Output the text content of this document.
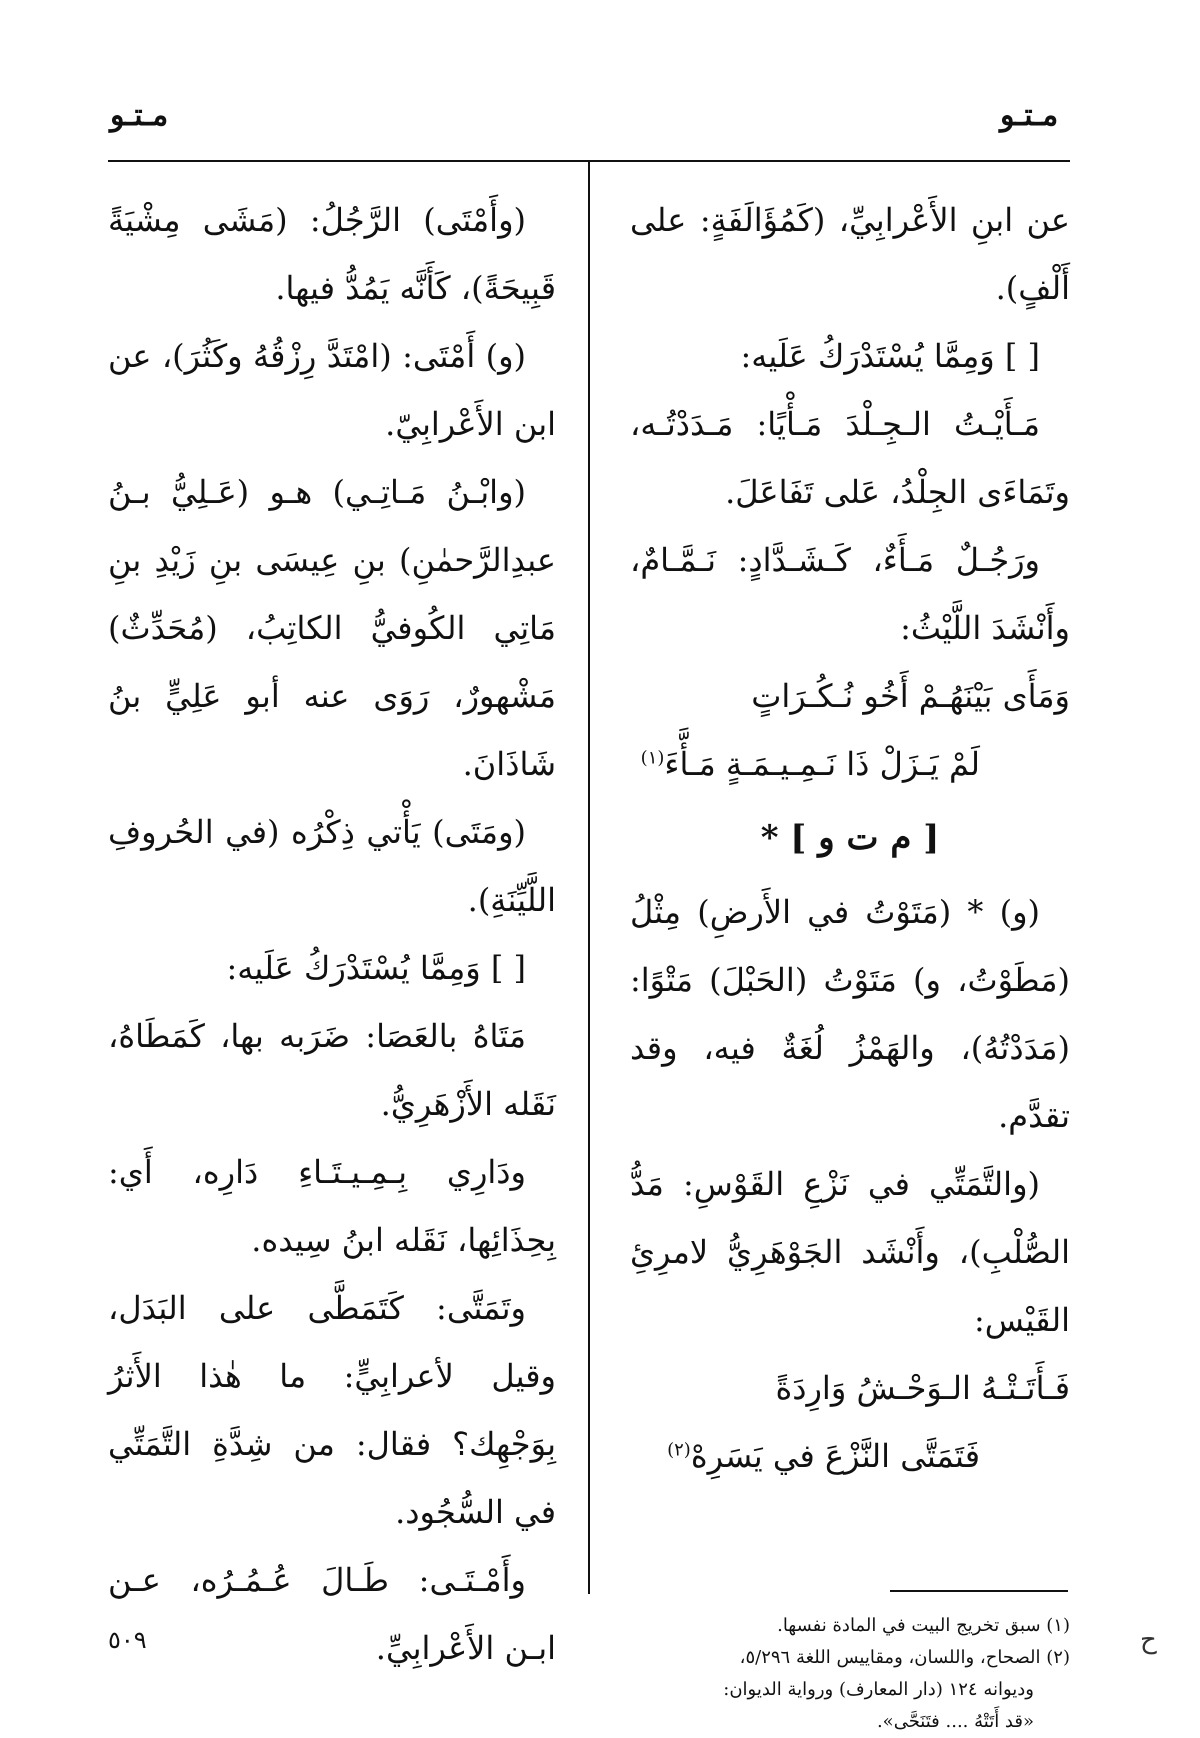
مـتـو
مـتـو

عن ابنِ الأَعْرابِيِّ، (كَمُؤَالَفَةٍ: على أَلْفٍ).

[ ] وَمِمَّا يُسْتَدْرَكُ عَلَيه:

مَـأَيْـتُ الـجِـلْدَ مَـأْيًا: مَـدَدْتُـه، وتَمَاءَى الجِلْدُ، عَلى تَفَاعَلَ.

ورَجُـلٌ مَـأَءٌ، كَـشَـدَّادٍ: نَـمَّـامٌ، وأَنْشَدَ اللَّيْثُ:

وَمَأَى بَيْنَهُـمْ أَخُو نُـكُـرَاتٍ

لَمْ يَـزَلْ ذَا نَـمِـيـمَـةٍ مَـأَّءَ$^{(١)}$

[ م ت و ] *

(و) * (مَتَوْتُ في الأَرضِ) مِثْلُ (مَطَوْتُ، و) مَتَوْتُ (الحَبْلَ) مَتْوًا: (مَدَدْتُهُ)، والهَمْزُ لُغَةٌ فيه، وقد تقدَّم.

(والتَّمَتِّي في نَزْعِ القَوْسِ: مَدُّ الصُّلْبِ)، وأَنْشَد الجَوْهَرِيُّ لامرِئِ القَيْس:

فَـأَتَـتْـهُ الـوَحْـشُ وَارِدَةً

فَتَمَتَّى النَّزْعَ في يَسَرِهْ$^{(٢)}$

(١) سبق تخريج البيت في المادة نفسها.

(٢) الصحاح، واللسان، ومقاييس اللغة ٥/٢٩٦،

وديوانه ١٢٤ (دار المعارف) ورواية الديوان:

«قد أَتَتْهُ .... فتَنَحَّى».

(وأَمْتَى) الرَّجُلُ: (مَشَى مِشْيَةً قَبِيحَةً)، كَأَنَّه يَمُدُّ فيها.

(و) أَمْتَى: (امْتَدَّ رِزْقُهُ وكَثُرَ)، عن ابن الأَعْرابِيّ.

(وابْـنُ مَـاتِـي) هـو (عَـلِيُّ بـنُ عبدِالرَّحمٰنِ) بنِ عِيسَى بنِ زَيْدِ بنِ مَاتِي الكُوفيُّ الكاتِبُ، (مُحَدِّثٌ) مَشْهورٌ، رَوَى عنه أبو عَلِيٍّ بنُ شَاذَانَ.

(ومَتَى) يَأْتي ذِكْرُه (في الحُروفِ اللَّيِّنَةِ).

[ ] وَمِمَّا يُسْتَدْرَكُ عَلَيه:

مَتَاهُ بالعَصَا: ضَرَبه بها، كَمَطَاهُ، نَقَله الأَزْهَرِيُّ.

ودَارِي بِـمِـيـتَـاءِ دَارِه، أَي: بِحِذَائِها، نَقَله ابنُ سِيده.

وتَمَتَّى: كَتَمَطَّى على البَدَل، وقيل لأعرابِيٍّ: ما هٰذا الأَثرُ بِوَجْهِك؟ فقال: من شِدَّةِ التَّمَتِّي في السُّجُود.

وأَمْـتَـى: طَـالَ عُـمُـرُه، عـن ابـن الأَعْرابِيِّ.

٥٠٩	ح
